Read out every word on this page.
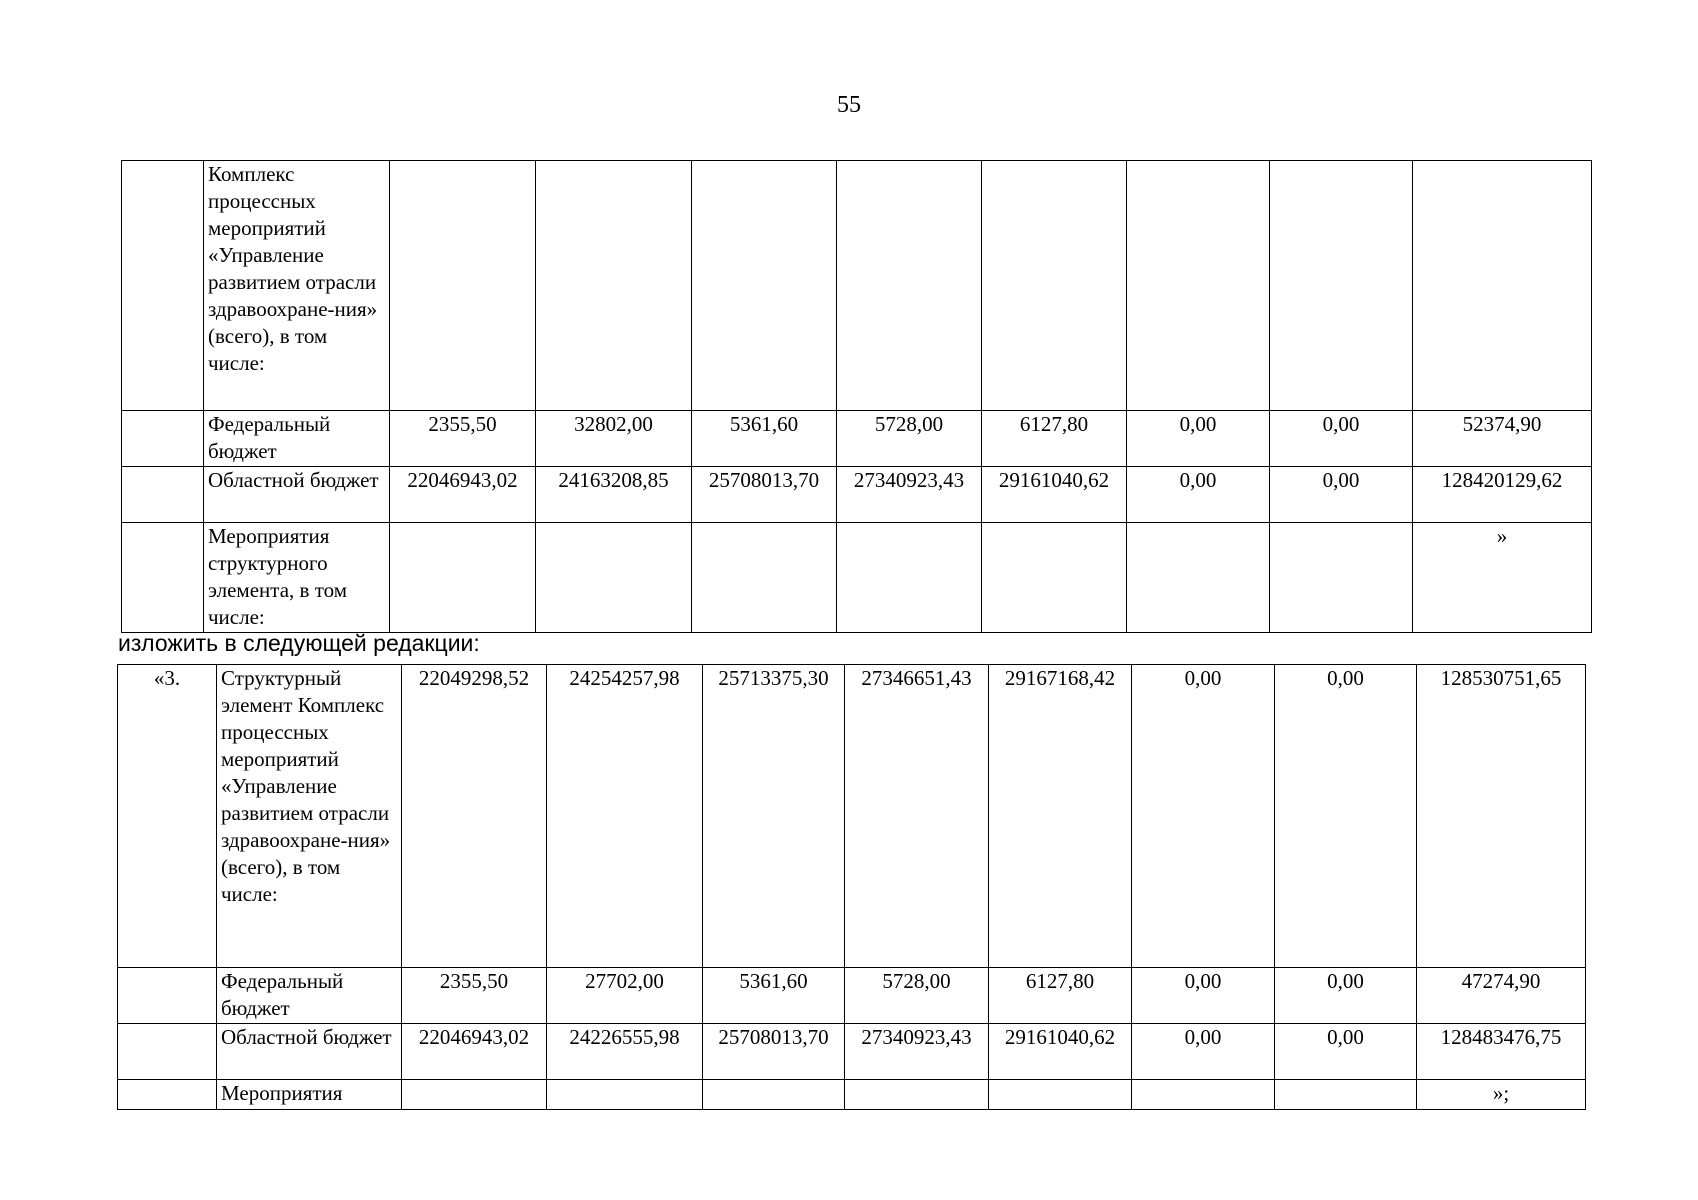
55
	Комплекс процессных мероприятий «Управление развитием отрасли здравоохране-ния» (всего), в том числе:								
	Федеральный бюджет	2355,50	32802,00	5361,60	5728,00	6127,80	0,00	0,00	52374,90
	Областной бюджет	22046943,02	24163208,85	25708013,70	27340923,43	29161040,62	0,00	0,00	128420129,62
	Мероприятия структурного элемента, в том числе:								»
изложить в следующей редакции:
«3.	Структурный элемент Комплекс процессных мероприятий «Управление развитием отрасли здравоохране-ния» (всего), в том числе:	22049298,52	24254257,98	25713375,30	27346651,43	29167168,42	0,00	0,00	128530751,65
	Федеральный бюджет	2355,50	27702,00	5361,60	5728,00	6127,80	0,00	0,00	47274,90
	Областной бюджет	22046943,02	24226555,98	25708013,70	27340923,43	29161040,62	0,00	0,00	128483476,75
	Мероприятия								»;
